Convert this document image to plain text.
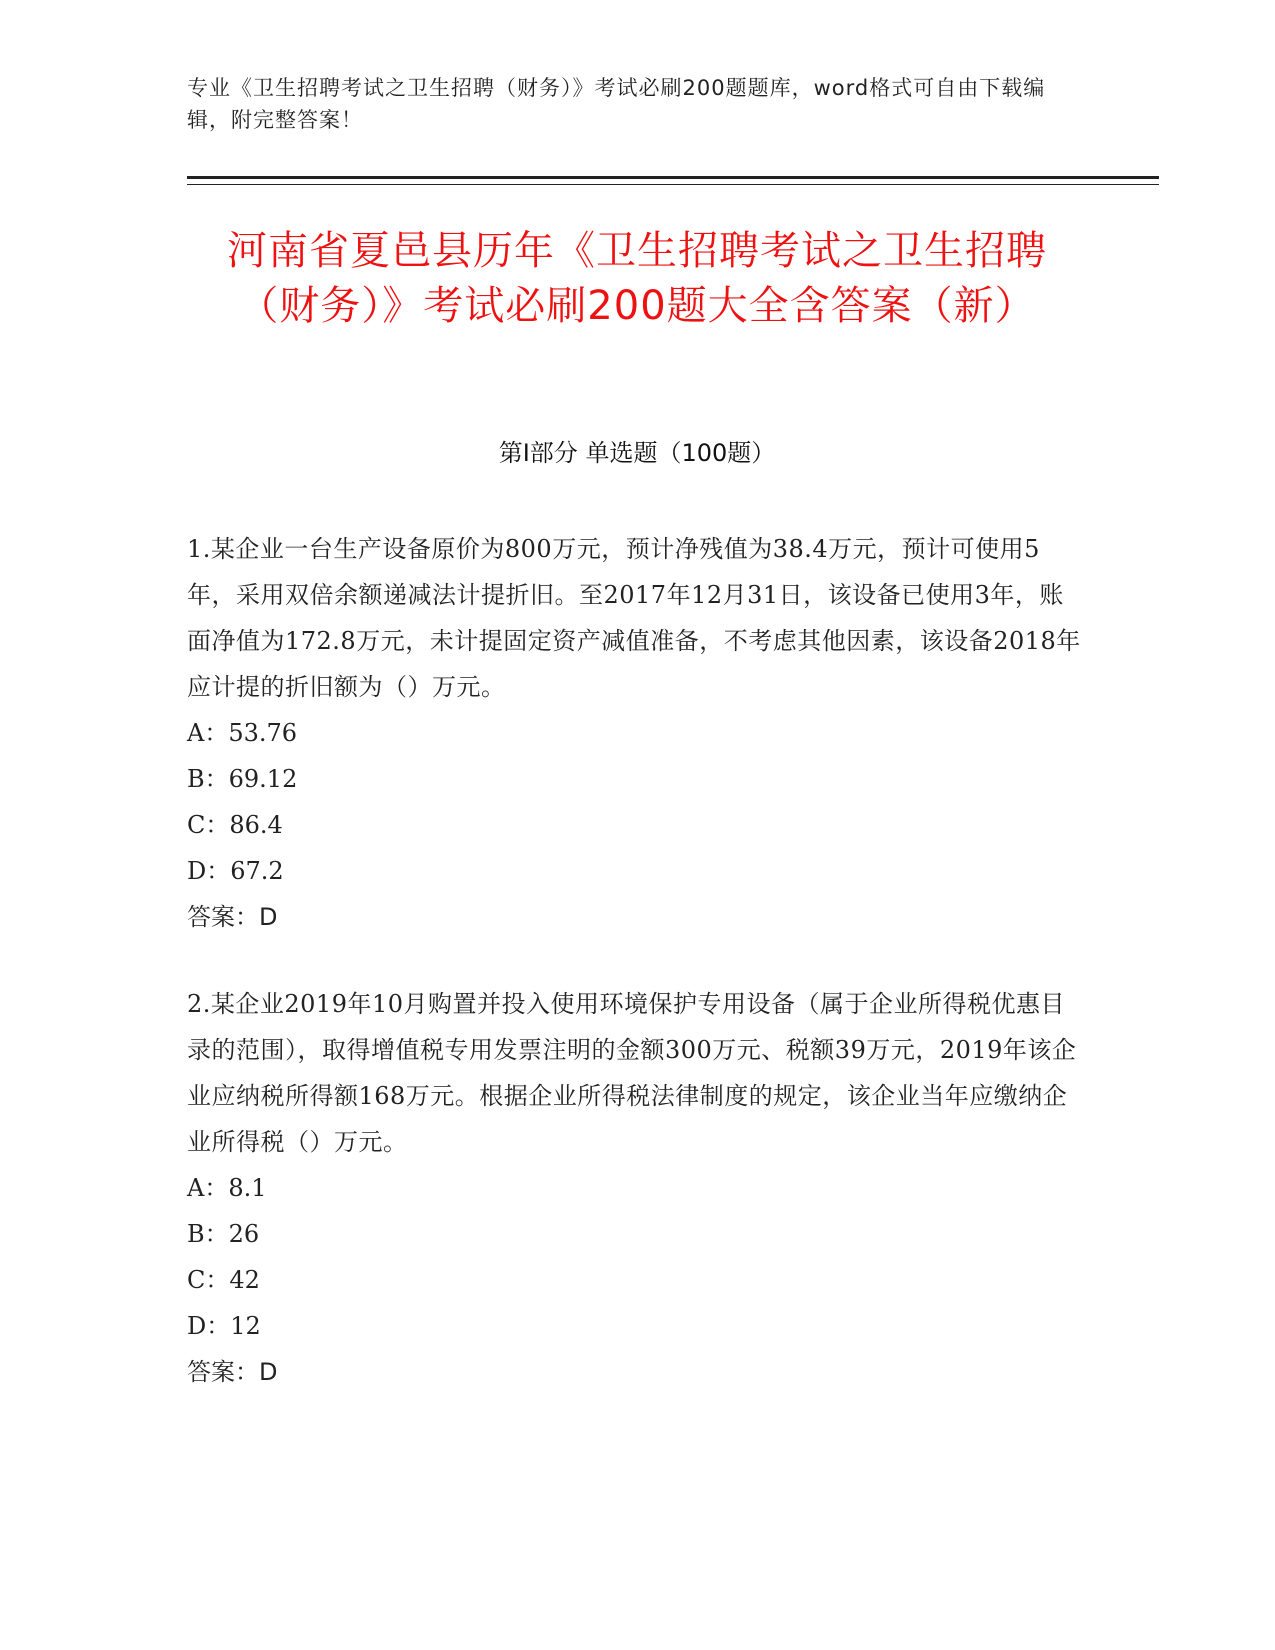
专业《卫生招聘考试之卫生招聘（财务）》考试必刷200题题库，word格式可自由下载编辑，附完整答案！
河南省夏邑县历年《卫生招聘考试之卫生招聘（财务）》考试必刷200题大全含答案（新）
第I部分 单选题（100题）
1.某企业一台生产设备原价为800万元，预计净残值为38.4万元，预计可使用5年，采用双倍余额递减法计提折旧。至2017年12月31日，该设备已使用3年，账面净值为172.8万元，未计提固定资产减值准备，不考虑其他因素，该设备2018年应计提的折旧额为（）万元。
A：53.76
B：69.12
C：86.4
D：67.2
答案：D
2.某企业2019年10月购置并投入使用环境保护专用设备（属于企业所得税优惠目录的范围），取得增值税专用发票注明的金额300万元、税额39万元，2019年该企业应纳税所得额168万元。根据企业所得税法律制度的规定，该企业当年应缴纳企业所得税（）万元。
A：8.1
B：26
C：42
D：12
答案：D
